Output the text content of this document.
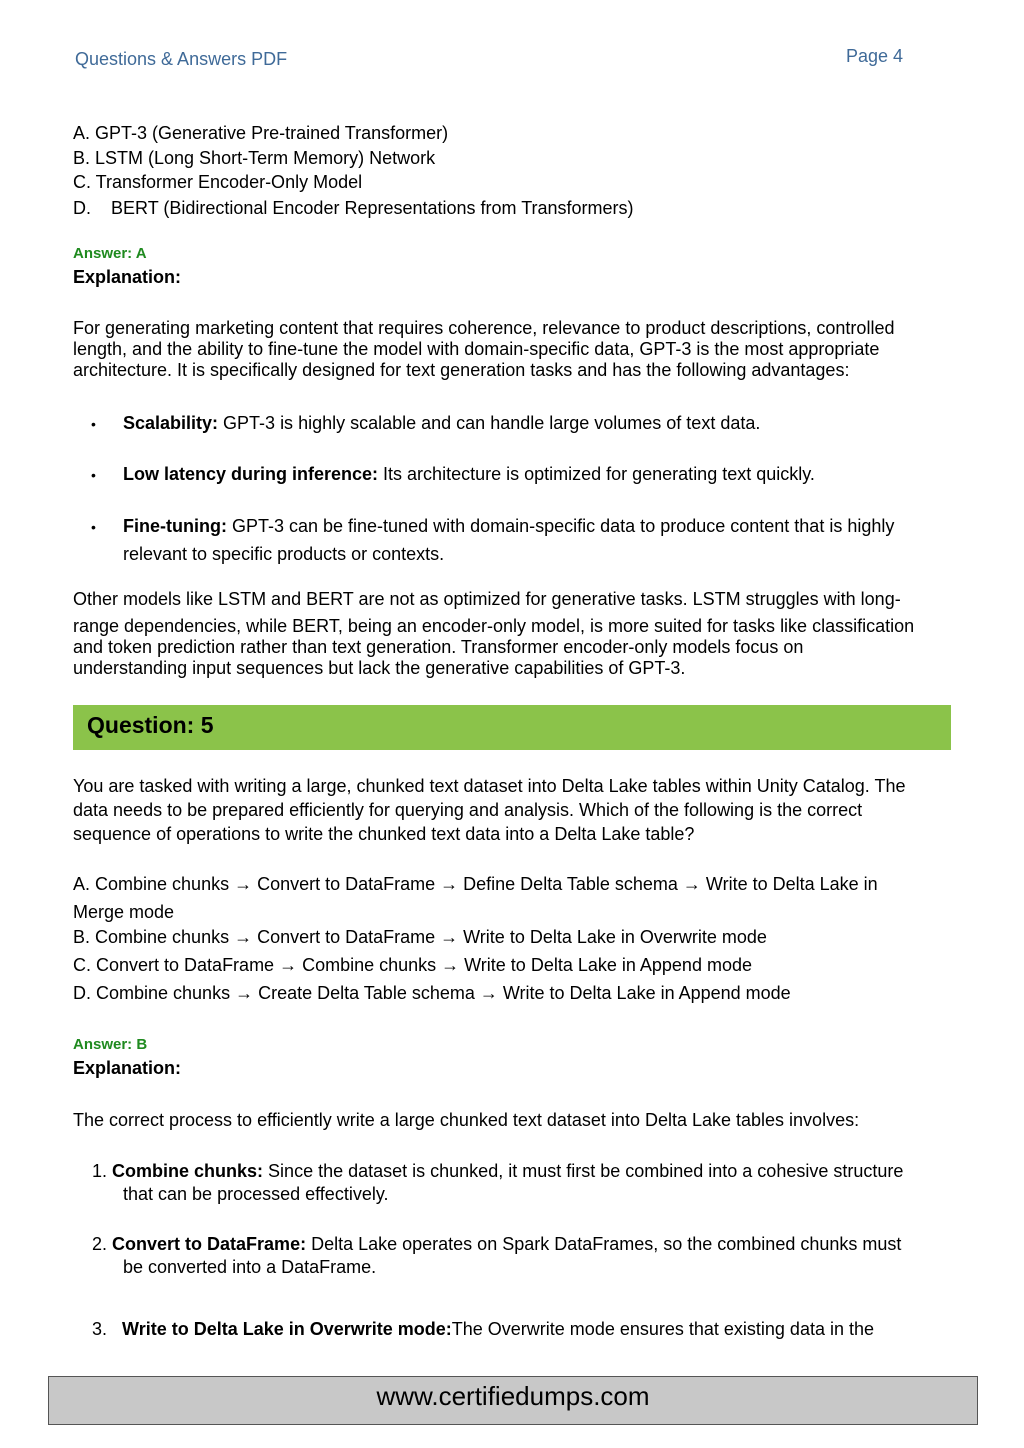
Questions & Answers PDF	Page 4
A. GPT-3 (Generative Pre-trained Transformer)
B. LSTM (Long Short-Term Memory) Network
C. Transformer Encoder-Only Model
D.    BERT (Bidirectional Encoder Representations from Transformers)
Answer: A
Explanation:
For generating marketing content that requires coherence, relevance to product descriptions, controlled
length, and the ability to fine-tune the model with domain-specific data, GPT-3 is the most appropriate
architecture. It is specifically designed for text generation tasks and has the following advantages:
• Scalability: GPT-3 is highly scalable and can handle large volumes of text data.
• Low latency during inference: Its architecture is optimized for generating text quickly.
• Fine-tuning: GPT-3 can be fine-tuned with domain-specific data to produce content that is highly
relevant to specific products or contexts.
Other models like LSTM and BERT are not as optimized for generative tasks. LSTM struggles with long-
range dependencies, while BERT, being an encoder-only model, is more suited for tasks like classification
and token prediction rather than text generation. Transformer encoder-only models focus on
understanding input sequences but lack the generative capabilities of GPT-3.
Question: 5
You are tasked with writing a large, chunked text dataset into Delta Lake tables within Unity Catalog. The
data needs to be prepared efficiently for querying and analysis. Which of the following is the correct
sequence of operations to write the chunked text data into a Delta Lake table?
A. Combine chunks → Convert to DataFrame → Define Delta Table schema → Write to Delta Lake in
Merge mode
B. Combine chunks → Convert to DataFrame → Write to Delta Lake in Overwrite mode
C. Convert to DataFrame → Combine chunks → Write to Delta Lake in Append mode
D. Combine chunks → Create Delta Table schema → Write to Delta Lake in Append mode
Answer: B
Explanation:
The correct process to efficiently write a large chunked text dataset into Delta Lake tables involves:
1. Combine chunks: Since the dataset is chunked, it must first be combined into a cohesive structure
that can be processed effectively.
2. Convert to DataFrame: Delta Lake operates on Spark DataFrames, so the combined chunks must
be converted into a DataFrame.
3. Write to Delta Lake in Overwrite mode:The Overwrite mode ensures that existing data in the
www.certifiedumps.com
